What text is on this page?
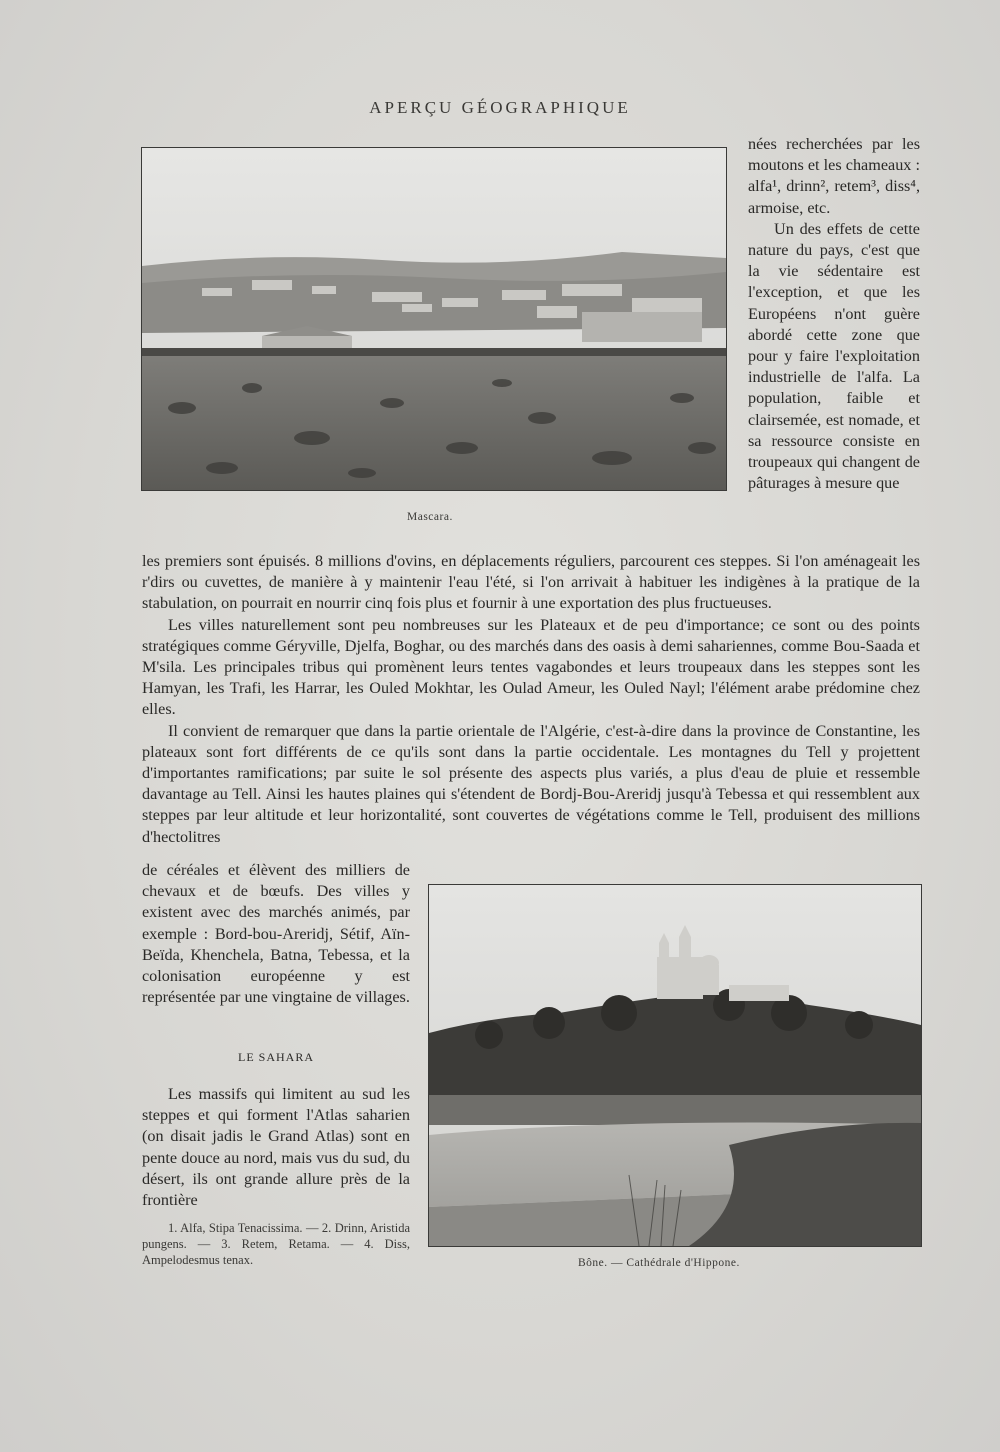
APERÇU GÉOGRAPHIQUE
Mascara.

nées recherchées par les moutons et les chameaux : alfa¹, drinn², retem³, diss⁴, armoise, etc.

Un des effets de cette nature du pays, c'est que la vie sédentaire est l'exception, et que les Européens n'ont guère abordé cette zone que pour y faire l'exploitation industrielle de l'alfa. La population, faible et clairsemée, est nomade, et sa ressource consiste en troupeaux qui changent de pâturages à mesure que

les premiers sont épuisés. 8 millions d'ovins, en déplacements réguliers, parcourent ces steppes. Si l'on aménageait les r'dirs ou cuvettes, de manière à y maintenir l'eau l'été, si l'on arrivait à habituer les indigènes à la pratique de la stabulation, on pourrait en nourrir cinq fois plus et fournir à une exportation des plus fructueuses.

Les villes naturellement sont peu nombreuses sur les Plateaux et de peu d'importance; ce sont ou des points stratégiques comme Géryville, Djelfa, Boghar, ou des marchés dans des oasis à demi sahariennes, comme Bou-Saada et M'sila. Les principales tribus qui promènent leurs tentes vagabondes et leurs troupeaux dans les steppes sont les Hamyan, les Trafi, les Harrar, les Ouled Mokhtar, les Oulad Ameur, les Ouled Nayl; l'élément arabe prédomine chez elles.

Il convient de remarquer que dans la partie orientale de l'Algérie, c'est-à-dire dans la province de Constantine, les plateaux sont fort différents de ce qu'ils sont dans la partie occidentale. Les montagnes du Tell y projettent d'importantes ramifications; par suite le sol présente des aspects plus variés, a plus d'eau de pluie et ressemble davantage au Tell. Ainsi les hautes plaines qui s'étendent de Bordj-Bou-Areridj jusqu'à Tebessa et qui ressemblent aux steppes par leur altitude et leur horizontalité, sont couvertes de végétations comme le Tell, produisent des millions d'hectolitres

de céréales et élèvent des milliers de chevaux et de bœufs. Des villes y existent avec des marchés animés, par exemple : Bord-bou-Areridj, Sétif, Aïn-Beïda, Khenchela, Batna, Tebessa, et la colonisation européenne y est représentée par une vingtaine de villages.

LE SAHARA

Les massifs qui limitent au sud les steppes et qui forment l'Atlas saharien (on disait jadis le Grand Atlas) sont en pente douce au nord, mais vus du sud, du désert, ils ont grande allure près de la frontière

Bône. — Cathédrale d'Hippone.

1. Alfa, Stipa Tenacissima. — 2. Drinn, Aristida pungens. — 3. Retem, Retama. — 4. Diss, Ampelodesmus tenax.
